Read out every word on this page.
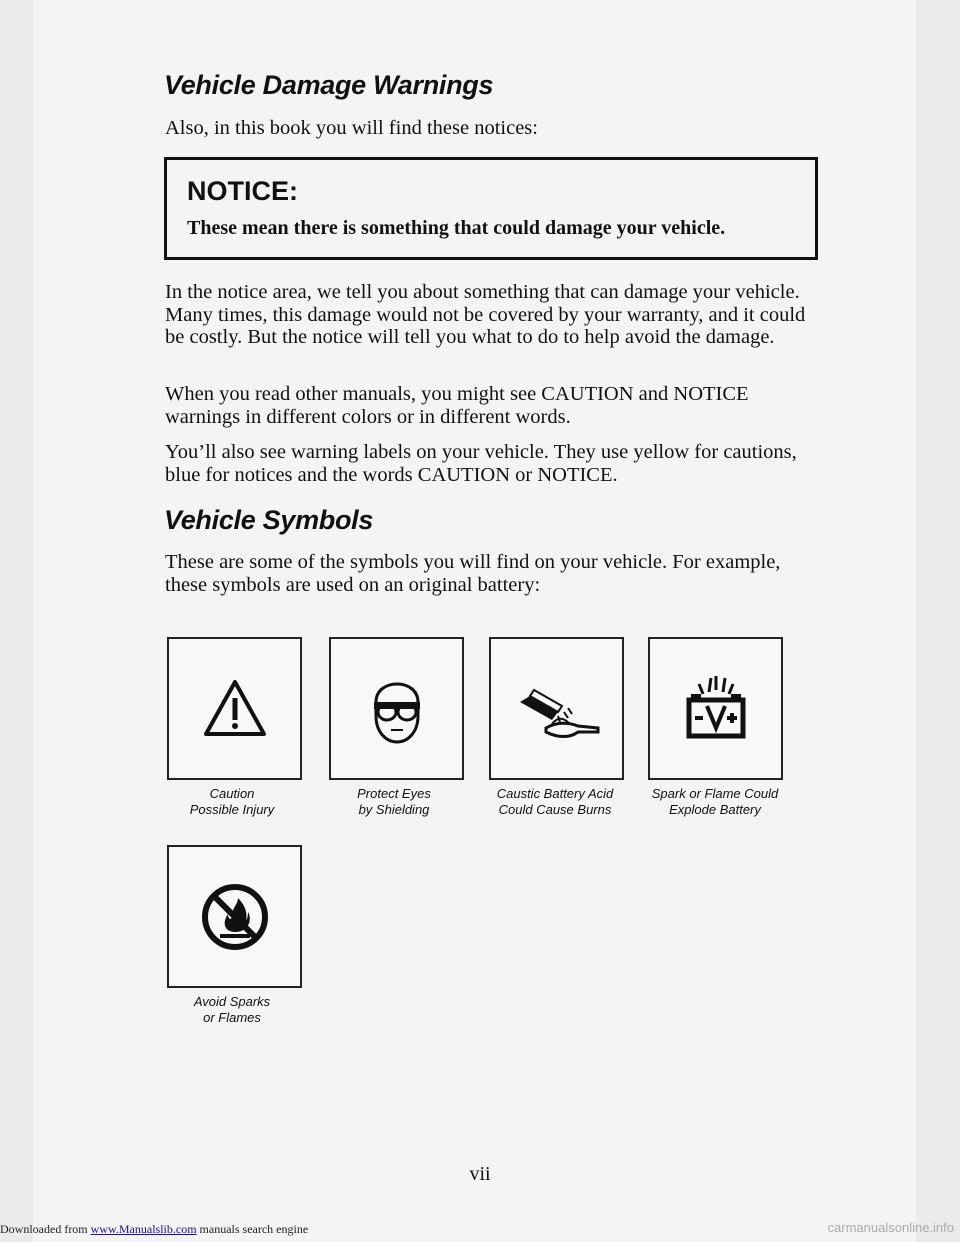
Vehicle Damage Warnings

Also, in this book you will find these notices:

NOTICE:

These mean there is something that could damage your vehicle.

In the notice area, we tell you about something that can damage your vehicle. Many times, this damage would not be covered by your warranty, and it could be costly. But the notice will tell you what to do to help avoid the damage.

When you read other manuals, you might see CAUTION and NOTICE warnings in different colors or in different words.

You’ll also see warning labels on your vehicle. They use yellow for cautions, blue for notices and the words CAUTION or NOTICE.

Vehicle Symbols

These are some of the symbols you will find on your vehicle. For example, these symbols are used on an original battery:

Caution
Possible Injury

Protect Eyes
by Shielding

Caustic Battery Acid
Could Cause Burns

Spark or Flame Could
Explode Battery

Avoid Sparks
or Flames

vii

Downloaded from www.Manualslib.com manuals search engine	carmanualsonline.info
